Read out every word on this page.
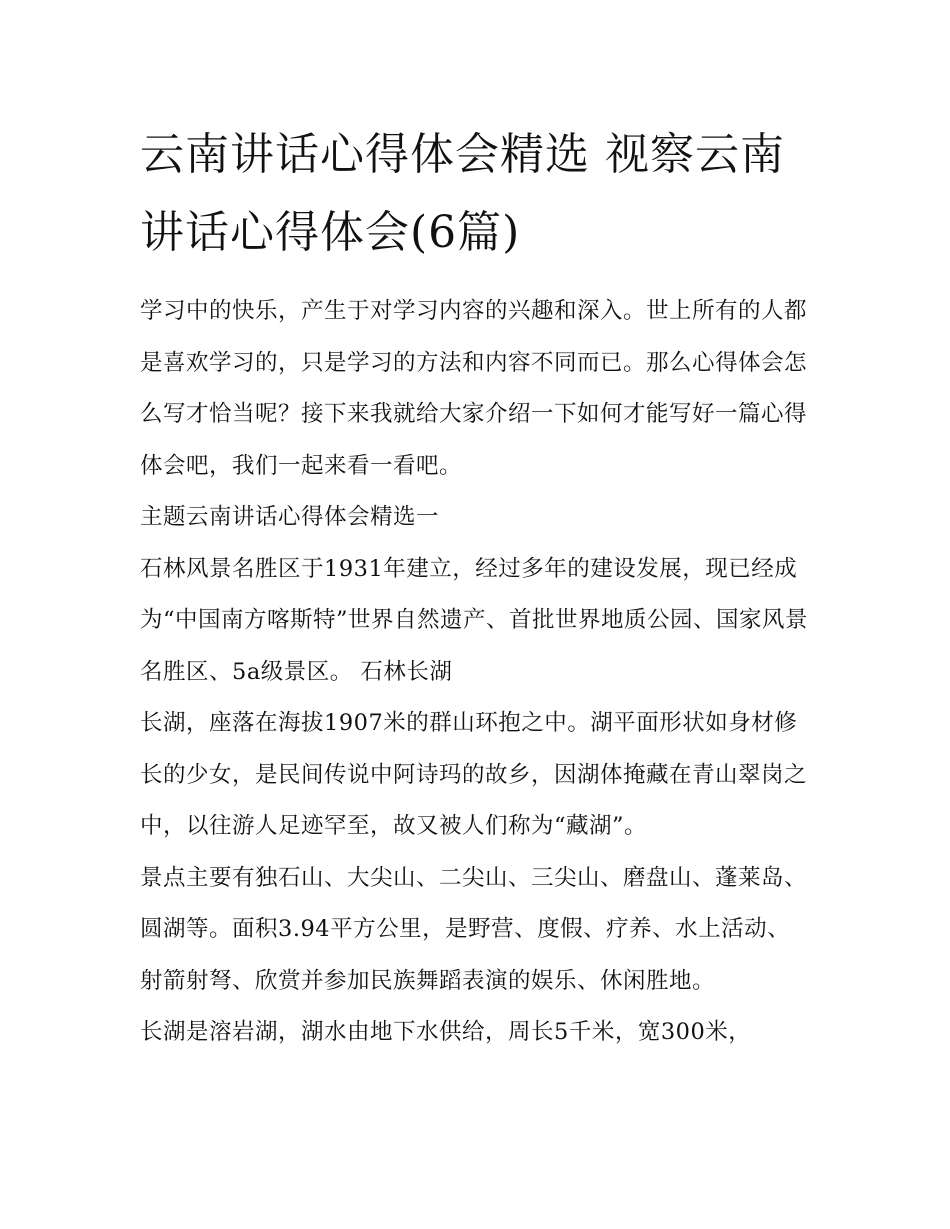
云南讲话心得体会精选 视察云南讲话心得体会(6篇)

学习中的快乐，产生于对学习内容的兴趣和深入。世上所有的人都是喜欢学习的，只是学习的方法和内容不同而已。那么心得体会怎么写才恰当呢？接下来我就给大家介绍一下如何才能写好一篇心得体会吧，我们一起来看一看吧。

主题云南讲话心得体会精选一

石林风景名胜区于1931年建立，经过多年的建设发展，现已经成为“中国南方喀斯特”世界自然遗产、首批世界地质公园、国家风景名胜区、5a级景区。 石林长湖

长湖，座落在海拔1907米的群山环抱之中。湖平面形状如身材修长的少女，是民间传说中阿诗玛的故乡，因湖体掩藏在青山翠岗之中，以往游人足迹罕至，故又被人们称为“藏湖”。

景点主要有独石山、大尖山、二尖山、三尖山、磨盘山、蓬莱岛、圆湖等。面积3.94平方公里，是野营、度假、疗养、水上活动、射箭射弩、欣赏并参加民族舞蹈表演的娱乐、休闲胜地。

长湖是溶岩湖，湖水由地下水供给，周长5千米，宽300米，
